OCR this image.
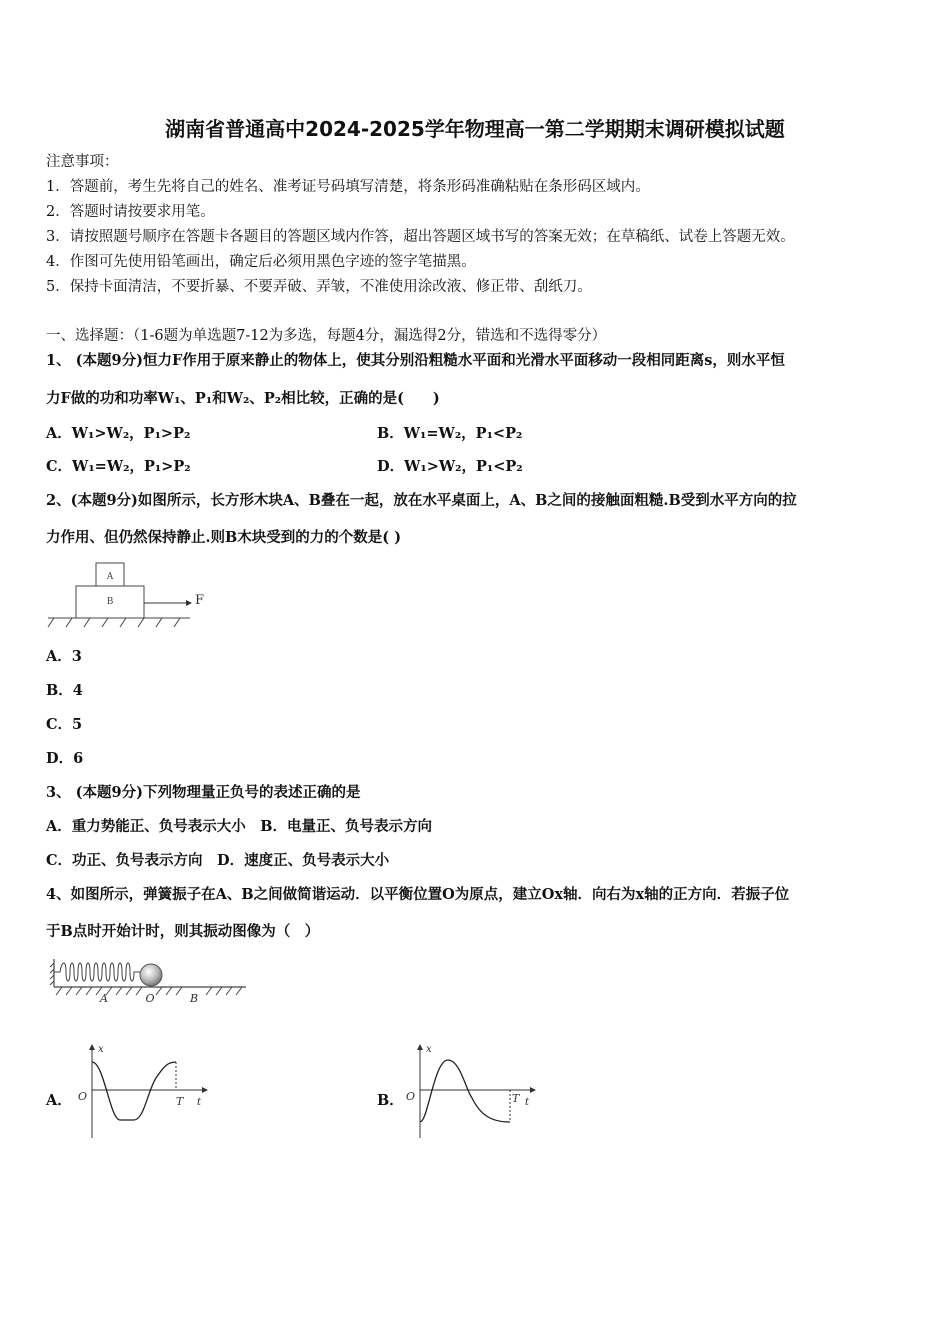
湖南省普通高中2024-2025学年物理高一第二学期期末调研模拟试题
注意事项：
1．答题前，考生先将自己的姓名、准考证号码填写清楚，将条形码准确粘贴在条形码区域内。
2．答题时请按要求用笔。
3．请按照题号顺序在答题卡各题目的答题区域内作答，超出答题区域书写的答案无效；在草稿纸、试卷上答题无效。
4．作图可先使用铅笔画出，确定后必须用黑色字迹的签字笔描黑。
5．保持卡面清洁，不要折暴、不要弄破、弄皱，不准使用涂改液、修正带、刮纸刀。
一、选择题：（1-6题为单选题7-12为多选，每题4分，漏选得2分，错选和不选得零分）
1、 (本题9分)恒力F作用于原来静止的物体上，使其分别沿粗糙水平面和光滑水平面移动一段相同距离s，则水平恒
力F做的功和功率W₁、P₁和W₂、P₂相比较，正确的是(　　)
A．W₁>W₂，P₁>P₂	B．W₁=W₂，P₁<P₂
C．W₁=W₂，P₁>P₂	D．W₁>W₂，P₁<P₂
2、(本题9分)如图所示，长方形木块A、B叠在一起，放在水平桌面上，A、B之间的接触面粗糙.B受到水平方向的拉
力作用、但仍然保持静止.则B木块受到的力的个数是( )
A
B	F
A．3
B．4
C．5
D．6
3、 (本题9分)下列物理量正负号的表述正确的是
A．重力势能正、负号表示大小　B．电量正、负号表示方向
C．功正、负号表示方向　D．速度正、负号表示大小
4、如图所示，弹簧振子在A、B之间做简谐运动．以平衡位置O为原点，建立Ox轴．向右为x轴的正方向．若振子位
于B点时开始计时，则其振动图像为（　）
A	O	B
A．
x
t
O	T	B．
x
t
O	T
